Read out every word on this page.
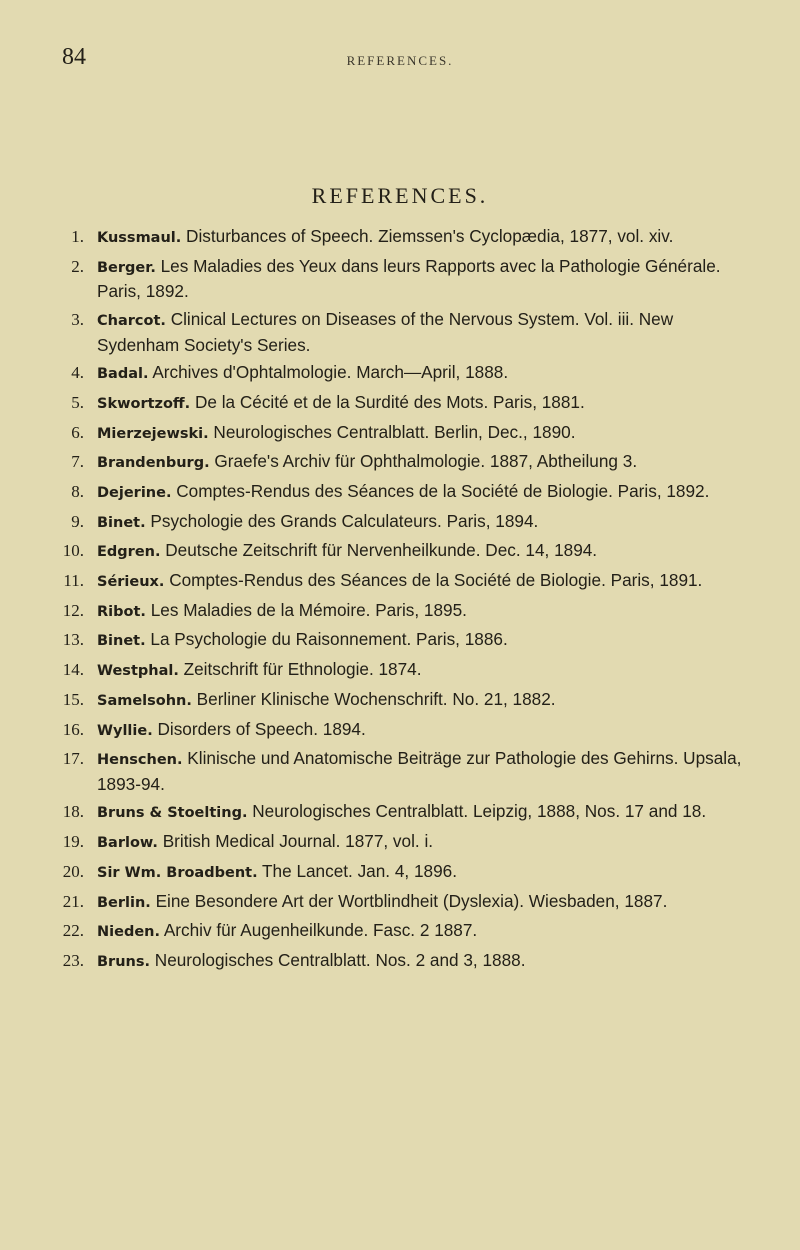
84	REFERENCES.
REFERENCES.
1. Kussmaul. Disturbances of Speech. Ziemssen's Cyclopædia, 1877, vol. xiv.
2. Berger. Les Maladies des Yeux dans leurs Rapports avec la Pathologie Générale. Paris, 1892.
3. Charcot. Clinical Lectures on Diseases of the Nervous System. Vol. iii. New Sydenham Society's Series.
4. Badal. Archives d'Ophtalmologie. March—April, 1888.
5. Skwortzoff. De la Cécité et de la Surdité des Mots. Paris, 1881.
6. Mierzejewski. Neurologisches Centralblatt. Berlin, Dec., 1890.
7. Brandenburg. Graefe's Archiv für Ophthalmologie. 1887, Abtheilung 3.
8. Dejerine. Comptes-Rendus des Séances de la Société de Biologie. Paris, 1892.
9. Binet. Psychologie des Grands Calculateurs. Paris, 1894.
10. Edgren. Deutsche Zeitschrift für Nervenheilkunde. Dec. 14, 1894.
11. Sérieux. Comptes-Rendus des Séances de la Société de Biologie. Paris, 1891.
12. Ribot. Les Maladies de la Mémoire. Paris, 1895.
13. Binet. La Psychologie du Raisonnement. Paris, 1886.
14. Westphal. Zeitschrift für Ethnologie. 1874.
15. Samelsohn. Berliner Klinische Wochenschrift. No. 21, 1882.
16. Wyllie. Disorders of Speech. 1894.
17. Henschen. Klinische und Anatomische Beiträge zur Pathologie des Gehirns. Upsala, 1893-94.
18. Bruns & Stoelting. Neurologisches Centralblatt. Leipzig, 1888, Nos. 17 and 18.
19. Barlow. British Medical Journal. 1877, vol. i.
20. Sir Wm. Broadbent. The Lancet. Jan. 4, 1896.
21. Berlin. Eine Besondere Art der Wortblindheit (Dyslexia). Wiesbaden, 1887.
22. Nieden. Archiv für Augenheilkunde. Fasc. 2 1887.
23. Bruns. Neurologisches Centralblatt. Nos. 2 and 3, 1888.
